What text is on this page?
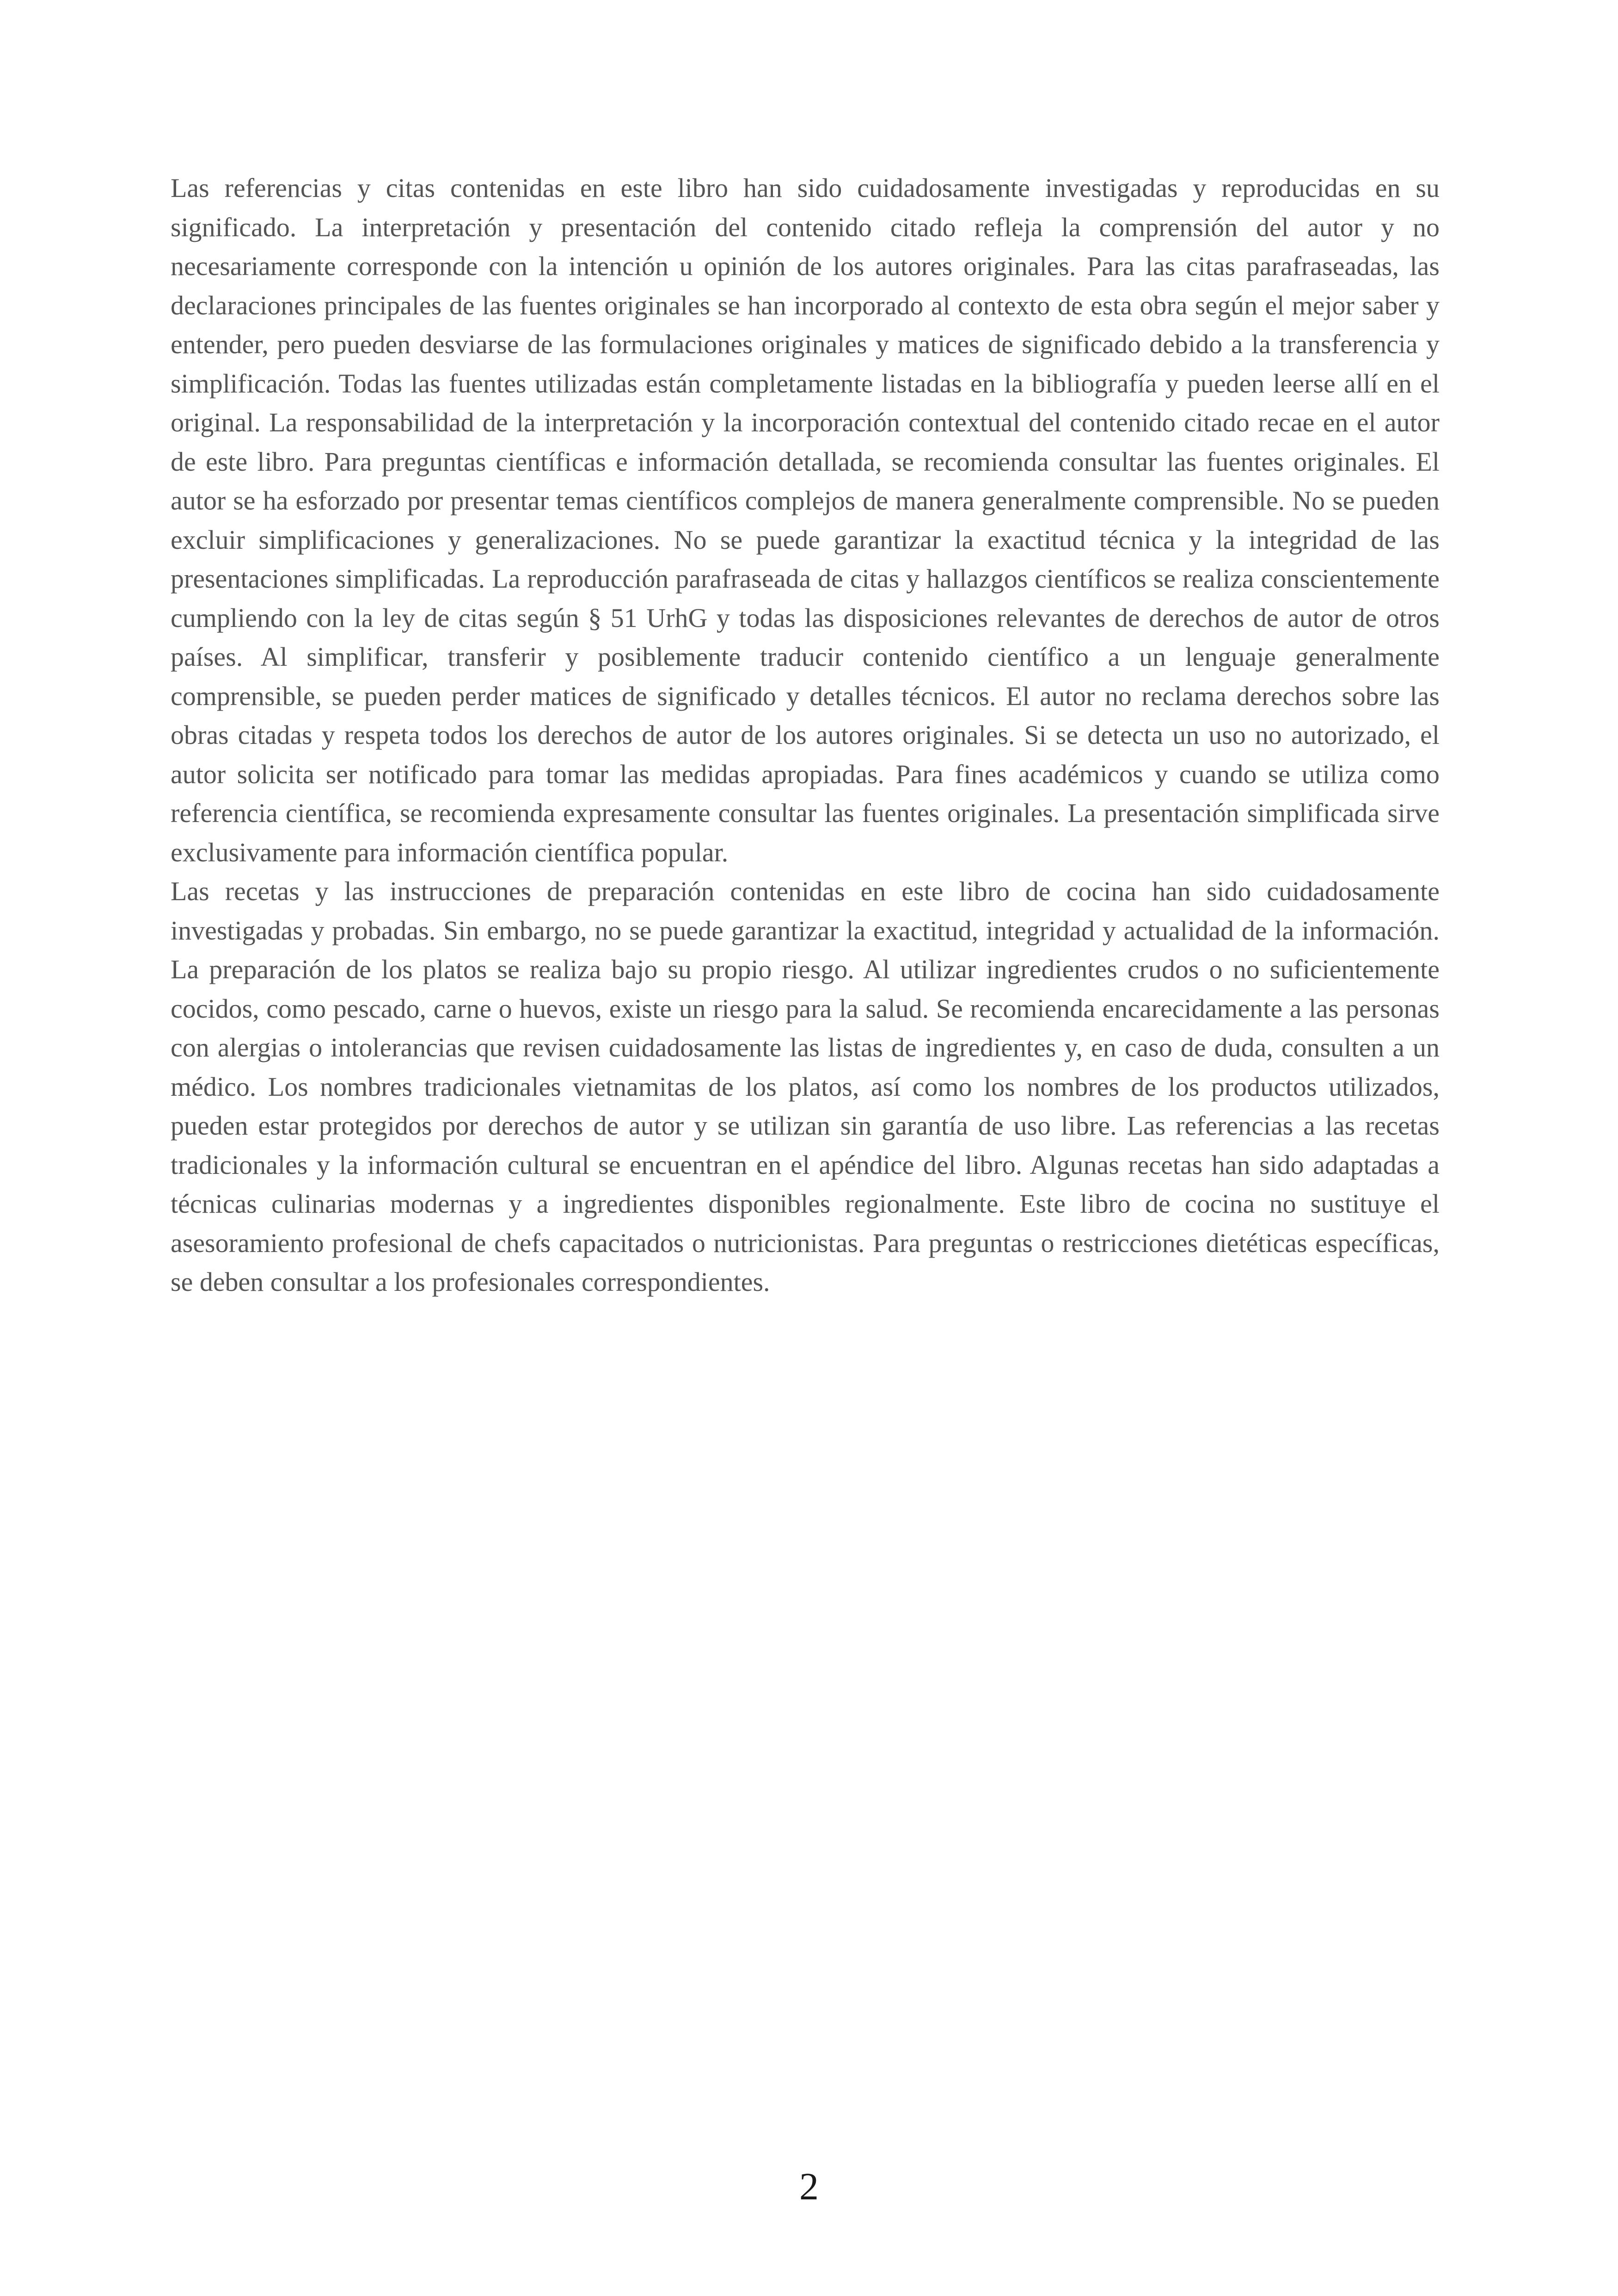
Las referencias y citas contenidas en este libro han sido cuidadosamente investigadas y reproducidas en su significado. La interpretación y presentación del contenido citado refleja la comprensión del autor y no necesariamente corresponde con la intención u opinión de los autores originales. Para las citas parafraseadas, las declaraciones principales de las fuentes originales se han incorporado al contexto de esta obra según el mejor saber y entender, pero pueden desviarse de las formulaciones originales y matices de significado debido a la transferencia y simplificación. Todas las fuentes utilizadas están completamente listadas en la bibliografía y pueden leerse allí en el original. La responsabilidad de la interpretación y la incorporación contextual del contenido citado recae en el autor de este libro. Para preguntas científicas e información detallada, se recomienda consultar las fuentes originales. El autor se ha esforzado por presentar temas científicos complejos de manera generalmente comprensible. No se pueden excluir simplificaciones y generalizaciones. No se puede garantizar la exactitud técnica y la integridad de las presentaciones simplificadas. La reproducción parafraseada de citas y hallazgos científicos se realiza conscientemente cumpliendo con la ley de citas según § 51 UrhG y todas las disposiciones relevantes de derechos de autor de otros países. Al simplificar, transferir y posiblemente traducir contenido científico a un lenguaje generalmente comprensible, se pueden perder matices de significado y detalles técnicos. El autor no reclama derechos sobre las obras citadas y respeta todos los derechos de autor de los autores originales. Si se detecta un uso no autorizado, el autor solicita ser notificado para tomar las medidas apropiadas. Para fines académicos y cuando se utiliza como referencia científica, se recomienda expresamente consultar las fuentes originales. La presentación simplificada sirve exclusivamente para información científica popular.

Las recetas y las instrucciones de preparación contenidas en este libro de cocina han sido cuidadosamente investigadas y probadas. Sin embargo, no se puede garantizar la exactitud, integridad y actualidad de la información. La preparación de los platos se realiza bajo su propio riesgo. Al utilizar ingredientes crudos o no suficientemente cocidos, como pescado, carne o huevos, existe un riesgo para la salud. Se recomienda encarecidamente a las personas con alergias o intolerancias que revisen cuidadosamente las listas de ingredientes y, en caso de duda, consulten a un médico. Los nombres tradicionales vietnamitas de los platos, así como los nombres de los productos utilizados, pueden estar protegidos por derechos de autor y se utilizan sin garantía de uso libre. Las referencias a las recetas tradicionales y la información cultural se encuentran en el apéndice del libro. Algunas recetas han sido adaptadas a técnicas culinarias modernas y a ingredientes disponibles regionalmente. Este libro de cocina no sustituye el asesoramiento profesional de chefs capacitados o nutricionistas. Para preguntas o restricciones dietéticas específicas, se deben consultar a los profesionales correspondientes.

2
